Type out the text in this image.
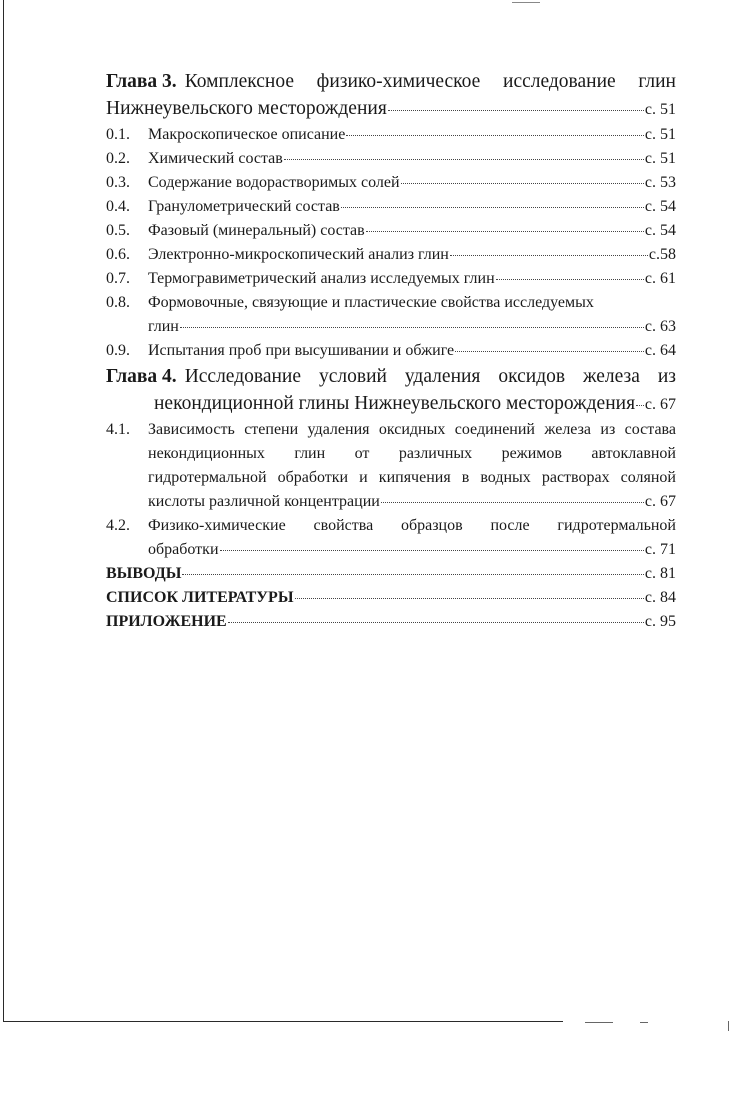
Глава 3. Комплексное физико-химическое исследование глин
Нижнеувельского месторождения	с. 51
0.1.	Макроскопическое описание	с. 51
0.2.	Химический состав	с. 51
0.3.	Содержание водорастворимых солей	с. 53
0.4.	Гранулометрический состав	с. 54
0.5.	Фазовый (минеральный) состав	с. 54
0.6.	Электронно-микроскопический анализ глин	с.58
0.7.	Термогравиметрический анализ исследуемых глин	с. 61
0.8.	Формовочные, связующие и пластические свойства исследуемых
глин	с. 63
0.9.	Испытания проб при высушивании и обжиге	с. 64
Глава 4. Исследование условий удаления оксидов железа из
некондиционной глины Нижнеувельского месторождения с. 67
4.1.	Зависимость степени удаления оксидных соединений железа из состава
некондиционных глин от различных режимов автоклавной
гидротермальной обработки и кипячения в водных растворах соляной
кислоты различной концентрации	с. 67
4.2.	Физико-химические свойства образцов после гидротермальной
обработки	с. 71
ВЫВОДЫ	с. 81
СПИСОК ЛИТЕРАТУРЫ	с. 84
ПРИЛОЖЕНИЕ	с. 95
